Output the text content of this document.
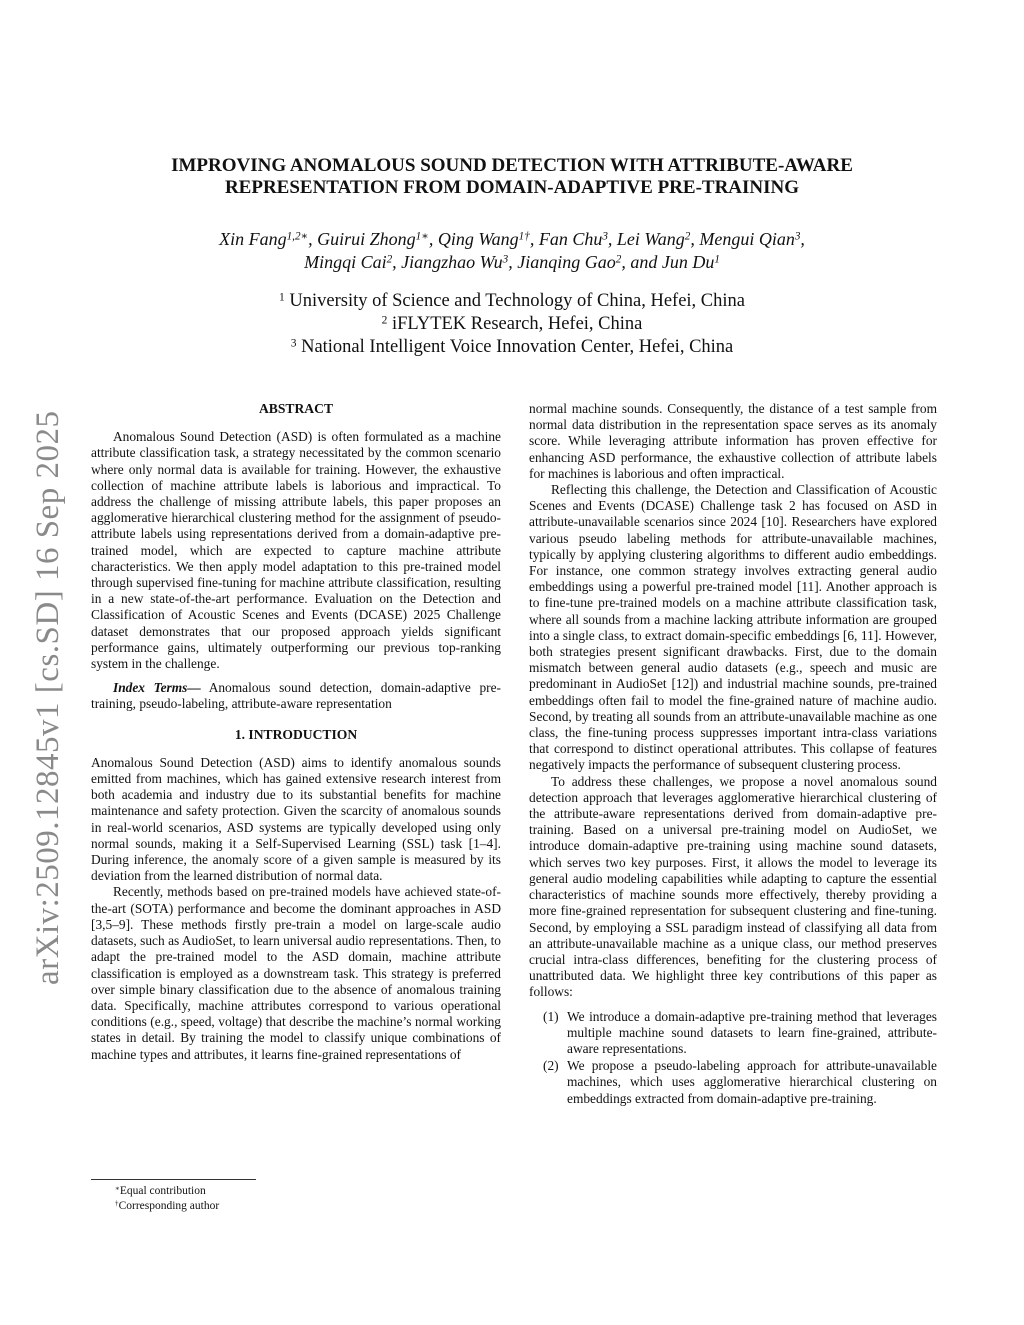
arXiv:2509.12845v1 [cs.SD] 16 Sep 2025
IMPROVING ANOMALOUS SOUND DETECTION WITH ATTRIBUTE-AWARE
REPRESENTATION FROM DOMAIN-ADAPTIVE PRE-TRAINING
Xin Fang$^{1,2∗}$, Guirui Zhong$^{1∗}$, Qing Wang$^{1\dagger}$, Fan Chu$^3$, Lei Wang$^2$, Mengui Qian$^3$,
Mingqi Cai$^2$, Jiangzhao Wu$^3$, Jianqing Gao$^2$, and Jun Du$^1$
$^1$ University of Science and Technology of China, Hefei, China
$^2$ iFLYTEK Research, Hefei, China
$^3$ National Intelligent Voice Innovation Center, Hefei, China
ABSTRACT

Anomalous Sound Detection (ASD) is often formulated as a machine attribute classification task, a strategy necessitated by the common scenario where only normal data is available for training. However, the exhaustive collection of machine attribute labels is laborious and impractical. To address the challenge of missing attribute labels, this paper proposes an agglomerative hierarchical clustering method for the assignment of pseudo-attribute labels using representations derived from a domain-adaptive pre-trained model, which are expected to capture machine attribute characteristics. We then apply model adaptation to this pre-trained model through supervised fine-tuning for machine attribute classification, resulting in a new state-of-the-art performance. Evaluation on the Detection and Classification of Acoustic Scenes and Events (DCASE) 2025 Challenge dataset demonstrates that our proposed approach yields significant performance gains, ultimately outperforming our previous top-ranking system in the challenge.

Index Terms— Anomalous sound detection, domain-adaptive pre-training, pseudo-labeling, attribute-aware representation

1. INTRODUCTION

Anomalous Sound Detection (ASD) aims to identify anomalous sounds emitted from machines, which has gained extensive research interest from both academia and industry due to its substantial benefits for machine maintenance and safety protection. Given the scarcity of anomalous sounds in real-world scenarios, ASD systems are typically developed using only normal sounds, making it a Self-Supervised Learning (SSL) task [1–4]. During inference, the anomaly score of a given sample is measured by its deviation from the learned distribution of normal data.

Recently, methods based on pre-trained models have achieved state-of-the-art (SOTA) performance and become the dominant approaches in ASD [3,5–9]. These methods firstly pre-train a model on large-scale audio datasets, such as AudioSet, to learn universal audio representations. Then, to adapt the pre-trained model to the ASD domain, machine attribute classification is employed as a downstream task. This strategy is preferred over simple binary classification due to the absence of anomalous training data. Specifically, machine attributes correspond to various operational conditions (e.g., speed, voltage) that describe the machine’s normal working states in detail. By training the model to classify unique combinations of machine types and attributes, it learns fine-grained representations of

normal machine sounds. Consequently, the distance of a test sample from normal data distribution in the representation space serves as its anomaly score. While leveraging attribute information has proven effective for enhancing ASD performance, the exhaustive collection of attribute labels for machines is laborious and often impractical.

Reflecting this challenge, the Detection and Classification of Acoustic Scenes and Events (DCASE) Challenge task 2 has focused on ASD in attribute-unavailable scenarios since 2024 [10]. Researchers have explored various pseudo labeling methods for attribute-unavailable machines, typically by applying clustering algorithms to different audio embeddings. For instance, one common strategy involves extracting general audio embeddings using a powerful pre-trained model [11]. Another approach is to fine-tune pre-trained models on a machine attribute classification task, where all sounds from a machine lacking attribute information are grouped into a single class, to extract domain-specific embeddings [6, 11]. However, both strategies present significant drawbacks. First, due to the domain mismatch between general audio datasets (e.g., speech and music are predominant in AudioSet [12]) and industrial machine sounds, pre-trained embeddings often fail to model the fine-grained nature of machine audio. Second, by treating all sounds from an attribute-unavailable machine as one class, the fine-tuning process suppresses important intra-class variations that correspond to distinct operational attributes. This collapse of features negatively impacts the performance of subsequent clustering process.

To address these challenges, we propose a novel anomalous sound detection approach that leverages agglomerative hierarchical clustering of the attribute-aware representations derived from domain-adaptive pre-training. Based on a universal pre-training model on AudioSet, we introduce domain-adaptive pre-training using machine sound datasets, which serves two key purposes. First, it allows the model to leverage its general audio modeling capabilities while adapting to capture the essential characteristics of machine sounds more effectively, thereby providing a more fine-grained representation for subsequent clustering and fine-tuning. Second, by employing a SSL paradigm instead of classifying all data from an attribute-unavailable machine as a unique class, our method preserves crucial intra-class differences, benefiting for the clustering process of unattributed data. We highlight three key contributions of this paper as follows:

(1) We introduce a domain-adaptive pre-training method that leverages multiple machine sound datasets to learn fine-grained, attribute-aware representations.
(2) We propose a pseudo-labeling approach for attribute-unavailable machines, which uses agglomerative hierarchical clustering on embeddings extracted from domain-adaptive pre-training.
∗Equal contribution
†Corresponding author
